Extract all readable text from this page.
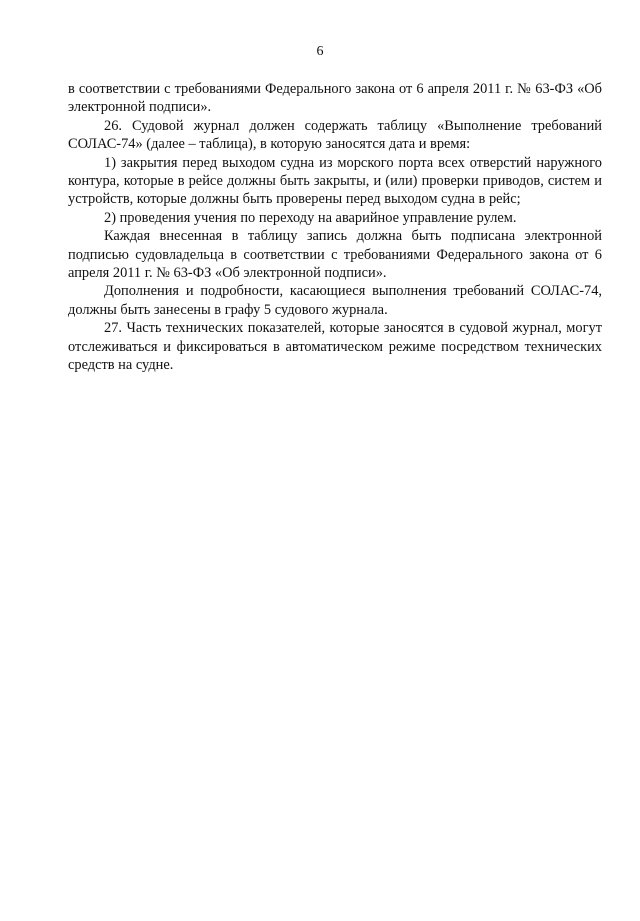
6

в соответствии с требованиями Федерального закона от 6 апреля 2011 г. № 63-ФЗ «Об электронной подписи».

26. Судовой журнал должен содержать таблицу «Выполнение требований СОЛАС-74» (далее – таблица), в которую заносятся дата и время:

1) закрытия перед выходом судна из морского порта всех отверстий наружного контура, которые в рейсе должны быть закрыты, и (или) проверки приводов, систем и устройств, которые должны быть проверены перед выходом судна в рейс;

2) проведения учения по переходу на аварийное управление рулем.

Каждая внесенная в таблицу запись должна быть подписана электронной подписью судовладельца в соответствии с требованиями Федерального закона от 6 апреля 2011 г. № 63-ФЗ «Об электронной подписи».

Дополнения и подробности, касающиеся выполнения требований СОЛАС-74, должны быть занесены в графу 5 судового журнала.

27. Часть технических показателей, которые заносятся в судовой журнал, могут отслеживаться и фиксироваться в автоматическом режиме посредством технических средств на судне.
